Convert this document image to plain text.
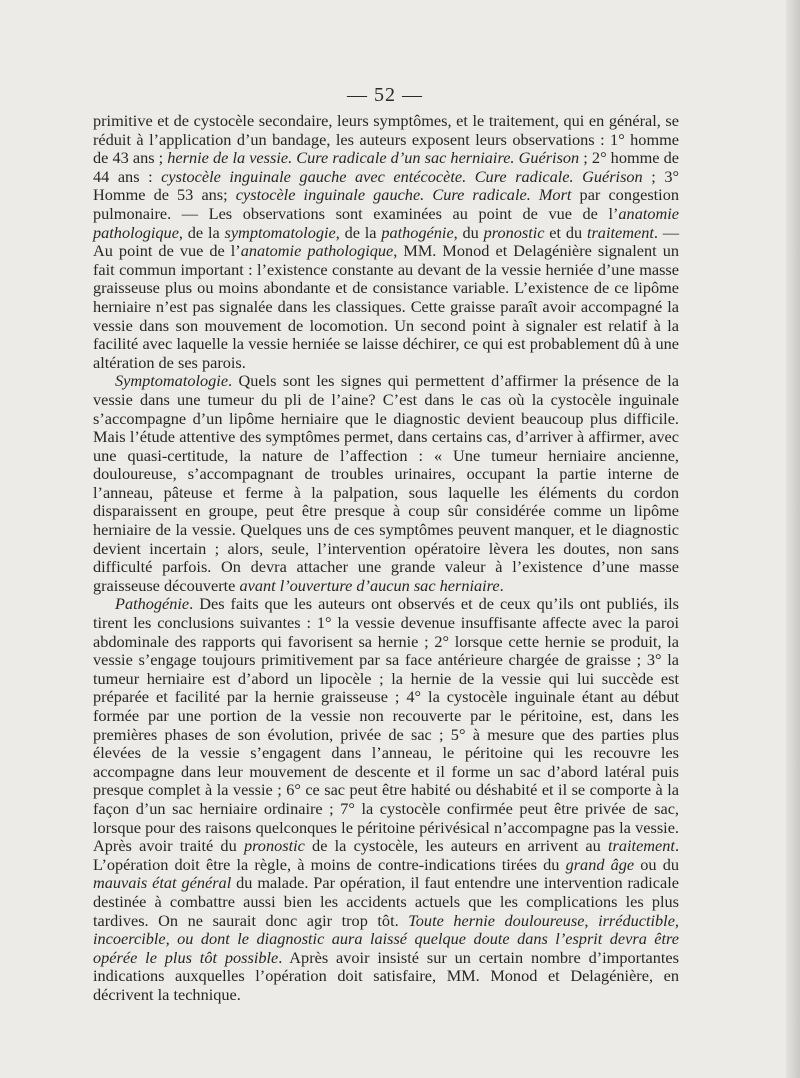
— 52 —

primitive et de cystocèle secondaire, leurs symptômes, et le traitement, qui en général, se réduit à l’application d’un bandage, les auteurs exposent leurs observations : 1° homme de 43 ans ; hernie de la vessie. Cure radicale d’un sac herniaire. Guérison ; 2° homme de 44 ans : cystocèle inguinale gauche avec entécocète. Cure radicale. Guérison ; 3° Homme de 53 ans; cystocèle inguinale gauche. Cure radicale. Mort par congestion pulmonaire. — Les observations sont examinées au point de vue de l’anatomie pathologique, de la symptomatologie, de la pathogénie, du pronostic et du traitement. — Au point de vue de l’anatomie pathologique, MM. Monod et Delagénière signalent un fait commun important : l’existence constante au devant de la vessie herniée d’une masse graisseuse plus ou moins abondante et de consistance variable. L’existence de ce lipôme herniaire n’est pas signalée dans les classiques. Cette graisse paraît avoir accompagné la vessie dans son mouvement de locomotion. Un second point à signaler est relatif à la facilité avec laquelle la vessie herniée se laisse déchirer, ce qui est probablement dû à une altération de ses parois.

Symptomatologie. Quels sont les signes qui permettent d’affirmer la présence de la vessie dans une tumeur du pli de l’aine? C’est dans le cas où la cystocèle inguinale s’accompagne d’un lipôme herniaire que le diagnostic devient beaucoup plus difficile. Mais l’étude attentive des symptômes permet, dans certains cas, d’arriver à affirmer, avec une quasi-certitude, la nature de l’affection : « Une tumeur herniaire ancienne, douloureuse, s’accompagnant de troubles urinaires, occupant la partie interne de l’anneau, pâteuse et ferme à la palpation, sous laquelle les éléments du cordon disparaissent en groupe, peut être presque à coup sûr considérée comme un lipôme herniaire de la vessie. Quelques uns de ces symptômes peuvent manquer, et le diagnostic devient incertain ; alors, seule, l’intervention opératoire lèvera les doutes, non sans difficulté parfois. On devra attacher une grande valeur à l’existence d’une masse graisseuse découverte avant l’ouverture d’aucun sac herniaire.

Pathogénie. Des faits que les auteurs ont observés et de ceux qu’ils ont publiés, ils tirent les conclusions suivantes : 1° la vessie devenue insuffisante affecte avec la paroi abdominale des rapports qui favorisent sa hernie ; 2° lorsque cette hernie se produit, la vessie s’engage toujours primitivement par sa face antérieure chargée de graisse ; 3° la tumeur herniaire est d’abord un lipocèle ; la hernie de la vessie qui lui succède est préparée et facilité par la hernie graisseuse ; 4° la cystocèle inguinale étant au début formée par une portion de la vessie non recouverte par le péritoine, est, dans les premières phases de son évolution, privée de sac ; 5° à mesure que des parties plus élevées de la vessie s’engagent dans l’anneau, le péritoine qui les recouvre les accompagne dans leur mouvement de descente et il forme un sac d’abord latéral puis presque complet à la vessie ; 6° ce sac peut être habité ou déshabité et il se comporte à la façon d’un sac herniaire ordinaire ; 7° la cystocèle confirmée peut être privée de sac, lorsque pour des raisons quelconques le péritoine périvésical n’accompagne pas la vessie. Après avoir traité du pronostic de la cystocèle, les auteurs en arrivent au traitement. L’opération doit être la règle, à moins de contre-indications tirées du grand âge ou du mauvais état général du malade. Par opération, il faut entendre une intervention radicale destinée à combattre aussi bien les accidents actuels que les complications les plus tardives. On ne saurait donc agir trop tôt. Toute hernie douloureuse, irréductible, incoercible, ou dont le diagnostic aura laissé quelque doute dans l’esprit devra être opérée le plus tôt possible. Après avoir insisté sur un certain nombre d’importantes indications auxquelles l’opération doit satisfaire, MM. Monod et Delagénière, en décrivent la technique.
